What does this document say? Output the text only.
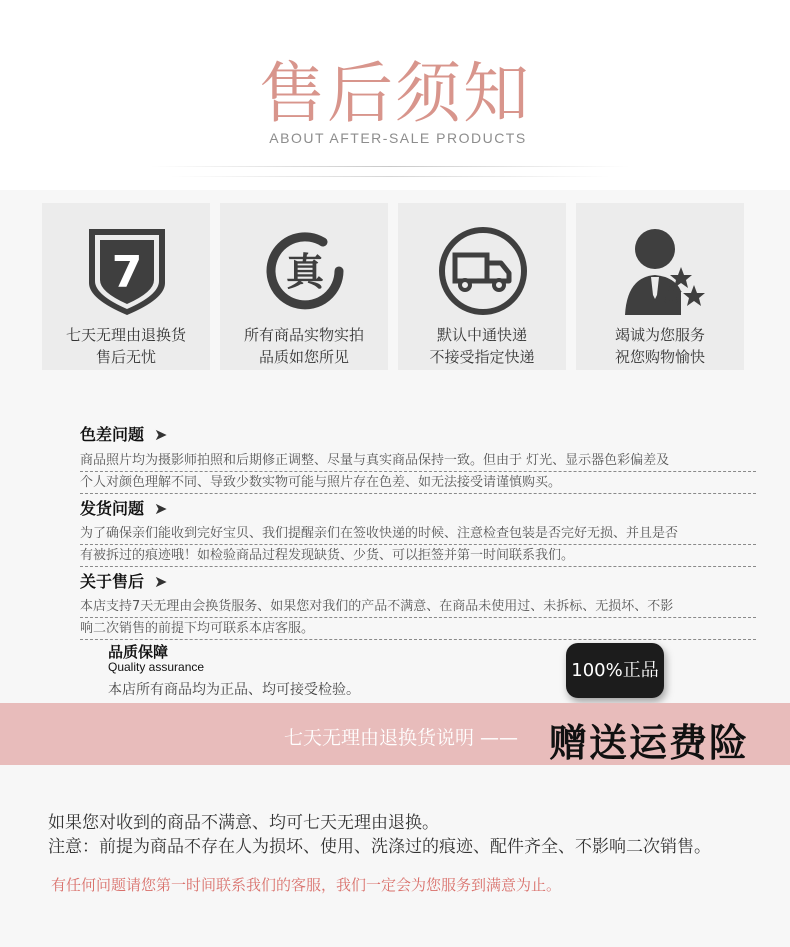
售后须知
ABOUT AFTER-SALE PRODUCTS
7
七天无理由退换货
售后无忧
真
所有商品实物实拍
品质如您所见
默认中通快递
不接受指定快递
竭诚为您服务
祝您购物愉快
色差问题 ➤
商品照片均为摄影师拍照和后期修正调整、尽量与真实商品保持一致。但由于 灯光、显示器色彩偏差及
个人对颜色理解不同、导致少数实物可能与照片存在色差、如无法接受请谨慎购买。
发货问题 ➤
为了确保亲们能收到完好宝贝、我们提醒亲们在签收快递的时候、注意检查包装是否完好无损、并且是否
有被拆过的痕迹哦！如检验商品过程发现缺货、少货、可以拒签并第一时间联系我们。
关于售后 ➤
本店支持7天无理由会换货服务、如果您对我们的产品不满意、在商品未使用过、未拆标、无损坏、不影
响二次销售的前提下均可联系本店客服。
品质保障
Quality assurance
本店所有商品均为正品、均可接受检验。
100%正品
七天无理由退换货说明 —— 赠送运费险
如果您对收到的商品不满意、均可七天无理由退换。
注意：前提为商品不存在人为损坏、使用、洗涤过的痕迹、配件齐全、不影响二次销售。
有任何问题请您第一时间联系我们的客服，我们一定会为您服务到满意为止。
